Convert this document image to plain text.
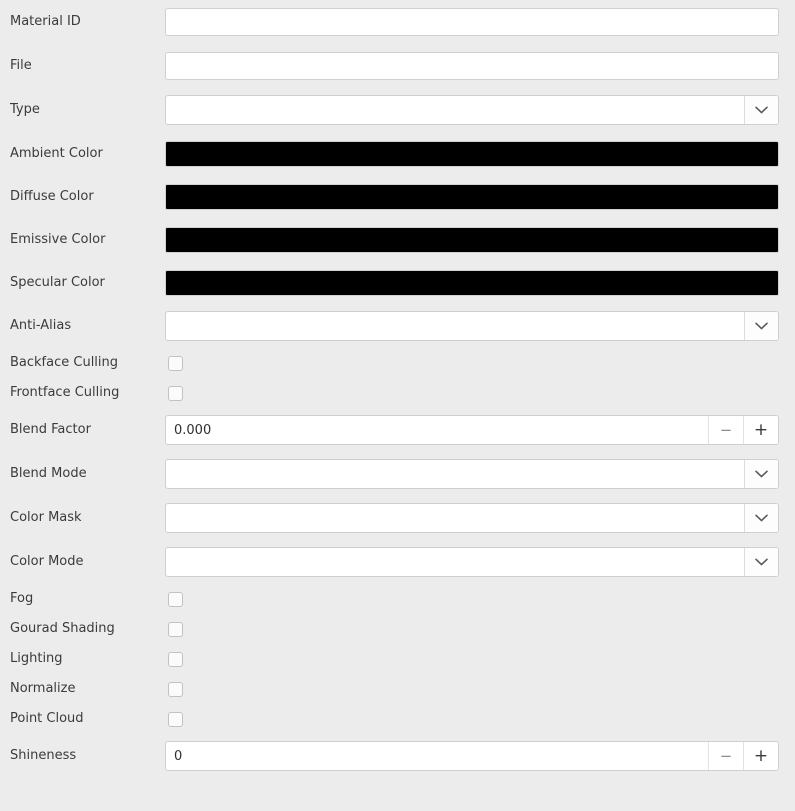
Material ID
File
Type
Ambient Color
Diffuse Color
Emissive Color
Specular Color
Anti-Alias
Backface Culling
Frontface Culling
Blend Factor	0.000	−	+
Blend Mode
Color Mask
Color Mode
Fog
Gourad Shading
Lighting
Normalize
Point Cloud
Shineness	0	−	+
